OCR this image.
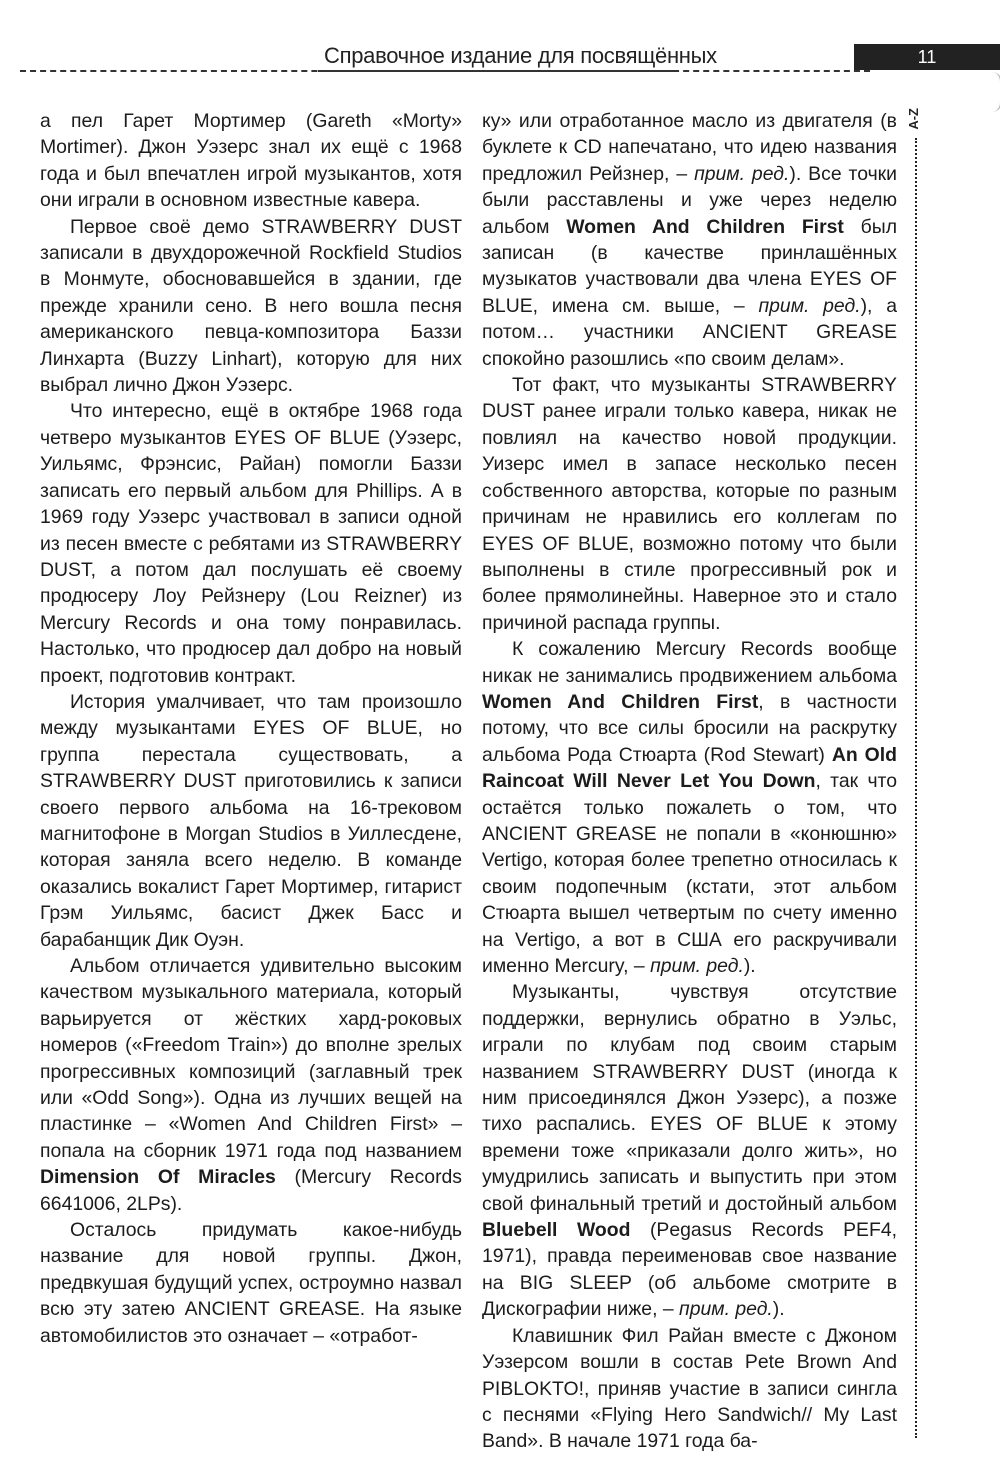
Справочное издание для посвящённых	11
A-Z

а пел Гарет Мортимер (Gareth «Morty» Mortimer). Джон Уэзерс знал их ещё с 1968 года и был впечатлен игрой музыкантов, хотя они играли в основном известные кавера.

Первое своё демо STRAWBERRY DUST записали в двухдорожечной Rockfield Studios в Монмуте, обосновавшейся в здании, где прежде хранили сено. В него вошла песня американского певца-композитора Баззи Линхарта (Buzzy Linhart), которую для них выбрал лично Джон Уэзерс.

Что интересно, ещё в октябре 1968 года четверо музыкантов EYES OF BLUE (Уэзерс, Уильямс, Фрэнсис, Райан) помогли Баззи записать его первый альбом для Phillips. А в 1969 году Уэзерс участвовал в записи одной из песен вместе с ребятами из STRAWBERRY DUST, а потом дал послушать её своему продюсеру Лоу Рейзнеру (Lou Reizner) из Mercury Records и она тому понравилась. Настолько, что продюсер дал добро на новый проект, подготовив контракт.

История умалчивает, что там произошло между музыкантами EYES OF BLUE, но группа перестала существовать, а STRAWBERRY DUST приготовились к записи своего первого альбома на 16-трековом магнитофоне в Morgan Studios в Уиллесдене, которая заняла всего неделю. В команде оказались вокалист Гарет Мортимер, гитарист Грэм Уильямс, басист Джек Басс и барабанщик Дик Оуэн.

Альбом отличается удивительно высоким качеством музыкального материала, который варьируется от жёстких хард-роковых номеров («Freedom Train») до вполне зрелых прогрессивных композиций (заглавный трек или «Odd Song»). Одна из лучших вещей на пластинке – «Women And Children First» – попала на сборник 1971 года под названием Dimension Of Miracles (Mercury Records 6641006, 2LPs).

Осталось придумать какое-нибудь название для новой группы. Джон, предвкушая будущий успех, остроумно назвал всю эту затею ANCIENT GREASE. На языке автомобилистов это означает – «отработ-

ку» или отработанное масло из двигателя (в буклете к CD напечатано, что идею названия предложил Рейзнер, – прим. ред.). Все точки были расставлены и уже через неделю альбом Women And Children First был записан (в качестве принлашённых музыкатов участвовали два члена EYES OF BLUE, имена см. выше, – прим. ред.), а потом… участники ANCIENT GREASE спокойно разошлись «по своим делам».

Тот факт, что музыканты STRAWBERRY DUST ранее играли только кавера, никак не повлиял на качество новой продукции. Уизерс имел в запасе несколько песен собственного авторства, которые по разным причинам не нравились его коллегам по EYES OF BLUE, возможно потому что были выполнены в стиле прогрессивный рок и более прямолинейны. Наверное это и стало причиной распада группы.

К сожалению Mercury Records вообще никак не занимались продвижением альбома Women And Children First, в частности потому, что все силы бросили на раскрутку альбома Рода Стюарта (Rod Stewart) An Old Raincoat Will Never Let You Down, так что остаётся только пожалеть о том, что ANCIENT GREASE не попали в «конюшню» Vertigo, которая более трепетно относилась к своим подопечным (кстати, этот альбом Стюарта вышел четвертым по счету именно на Vertigo, а вот в США его раскручивали именно Mercury, – прим. ред.).

Музыканты, чувствуя отсутствие поддержки, вернулись обратно в Уэльс, играли по клубам под своим старым названием STRAWBERRY DUST (иногда к ним присоединялся Джон Уэзерс), а позже тихо распались. EYES OF BLUE к этому времени тоже «приказали долго жить», но умудрились записать и выпустить при этом свой финальный третий и достойный альбом Bluebell Wood (Pegasus Records PEF4, 1971), правда переименовав свое название на BIG SLEEP (об альбоме смотрите в Дискографии ниже, – прим. ред.).

Клавишник Фил Райан вместе с Джоном Уэзерсом вошли в состав Pete Brown And PIBLOKTO!, приняв участие в записи сингла с песнями «Flying Hero Sandwich// My Last Band». В начале 1971 года ба-
